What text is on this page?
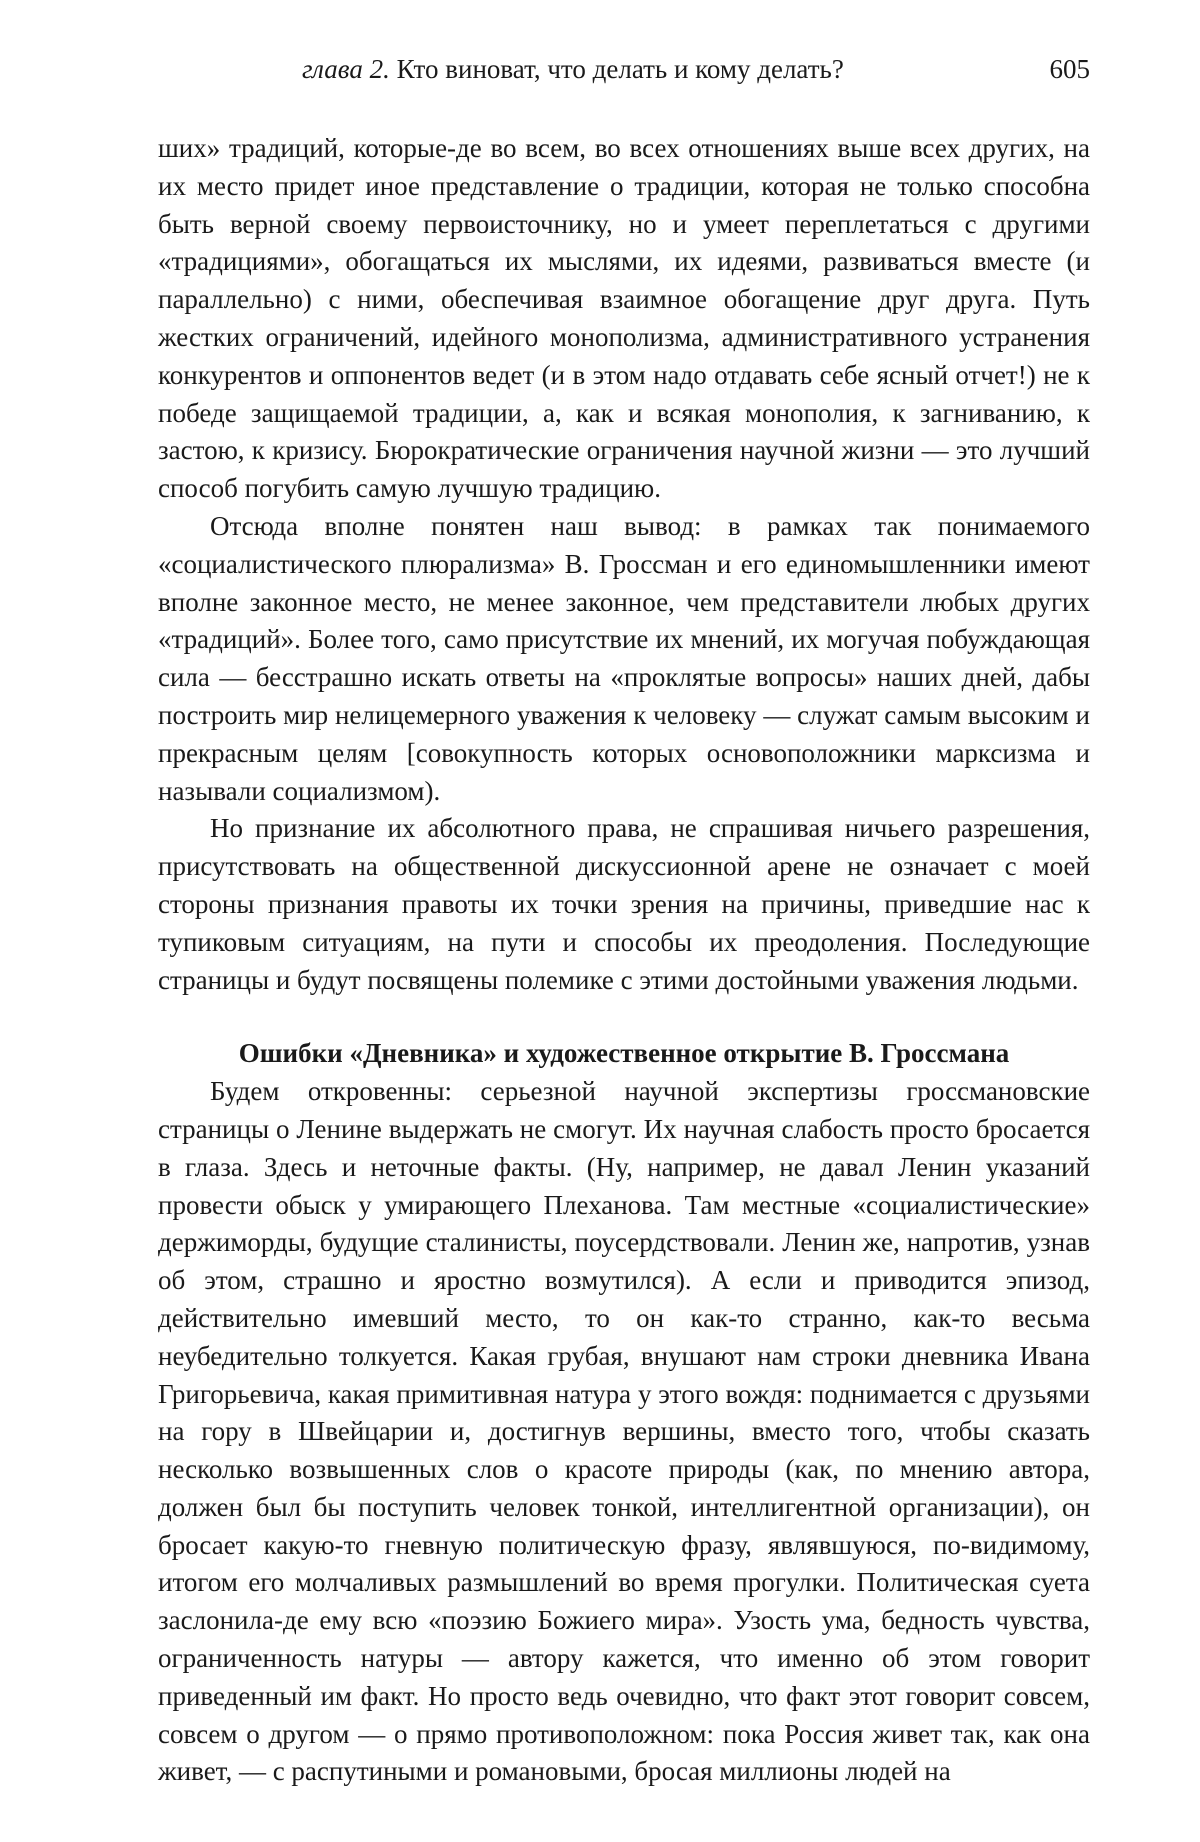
глава 2. Кто виноват, что делать и кому делать?	605

ших» традиций, которые-де во всем, во всех отношениях выше всех других, на их место придет иное представление о традиции, которая не только способна быть верной своему первоисточнику, но и умеет переплетаться с другими «традициями», обогащаться их мыслями, их идеями, развиваться вместе (и параллельно) с ними, обеспечивая взаимное обогащение друг друга. Путь жестких ограничений, идейного монополизма, административного устранения конкурентов и оппонентов ведет (и в этом надо отдавать себе ясный отчет!) не к победе защищаемой традиции, а, как и всякая монополия, к загниванию, к застою, к кризису. Бюрократические ограничения научной жизни — это лучший способ погубить самую лучшую традицию.

Отсюда вполне понятен наш вывод: в рамках так понимаемого «социалистического плюрализма» В. Гроссман и его единомышленники имеют вполне законное место, не менее законное, чем представители любых других «традиций». Более того, само присутствие их мнений, их могучая побуждающая сила — бесстрашно искать ответы на «проклятые вопросы» наших дней, дабы построить мир нелицемерного уважения к человеку — служат самым высоким и прекрасным целям [совокупность которых основоположники марксизма и называли социализмом).

Но признание их абсолютного права, не спрашивая ничьего разрешения, присутствовать на общественной дискуссионной арене не означает с моей стороны признания правоты их точки зрения на причины, приведшие нас к тупиковым ситуациям, на пути и способы их преодоления. Последующие страницы и будут посвящены полемике с этими достойными уважения людьми.

Ошибки «Дневника» и художественное открытие В. Гроссмана

Будем откровенны: серьезной научной экспертизы гроссмановские страницы о Ленине выдержать не смогут. Их научная слабость просто бросается в глаза. Здесь и неточные факты. (Ну, например, не давал Ленин указаний провести обыск у умирающего Плеханова. Там местные «социалистические» держиморды, будущие сталинисты, поусердствовали. Ленин же, напротив, узнав об этом, страшно и яростно возмутился). А если и приводится эпизод, действительно имевший место, то он как-то странно, как-то весьма неубедительно толкуется. Какая грубая, внушают нам строки дневника Ивана Григорьевича, какая примитивная натура у этого вождя: поднимается с друзьями на гору в Швейцарии и, достигнув вершины, вместо того, чтобы сказать несколько возвышенных слов о красоте природы (как, по мнению автора, должен был бы поступить человек тонкой, интеллигентной организации), он бросает какую-то гневную политическую фразу, являвшуюся, по-видимому, итогом его молчаливых размышлений во время прогулки. Политическая суета заслонила-де ему всю «поэзию Божиего мира». Узость ума, бедность чувства, ограниченность натуры — автору кажется, что именно об этом говорит приведенный им факт. Но просто ведь очевидно, что факт этот говорит совсем, совсем о другом — о прямо противоположном: пока Россия живет так, как она живет, — с распутиными и романовыми, бросая миллионы людей на
